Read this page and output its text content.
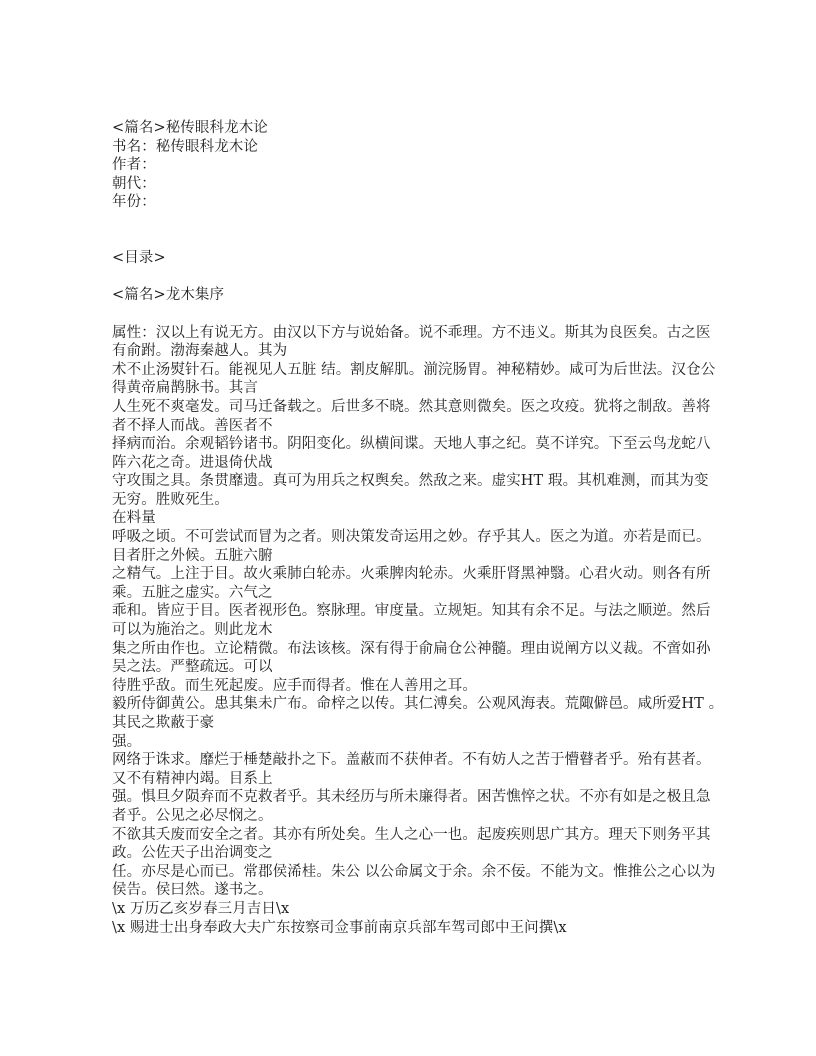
<篇名>秘传眼科龙木论
书名：秘传眼科龙木论
作者：
朝代：
年份：
<目录>
<篇名>龙木集序
属性：汉以上有说无方。由汉以下方与说始备。说不乖理。方不违义。斯其为良医矣。古之医
有俞跗。渤海秦越人。其为
术不止汤熨针石。能视见人五脏 结。割皮解肌。湔浣肠胃。神秘精妙。咸可为后世法。汉仓公
得黄帝扁鹊脉书。其言
人生死不爽毫发。司马迁备载之。后世多不晓。然其意则微矣。医之攻疫。犹将之制敌。善将
者不择人而战。善医者不
择病而治。余观韬钤诸书。阴阳变化。纵横间谍。天地人事之纪。莫不详究。下至云鸟龙蛇八
阵六花之奇。进退倚伏战
守攻围之具。条贯靡遗。真可为用兵之权舆矣。然敌之来。虚实HT 瑕。其机难测，而其为变
无穷。胜败死生。
在料量
呼吸之顷。不可尝试而冒为之者。则决策发奇运用之妙。存乎其人。医之为道。亦若是而已。
目者肝之外候。五脏六腑
之精气。上注于目。故火乘肺白轮赤。火乘脾肉轮赤。火乘肝肾黑神翳。心君火动。则各有所
乘。五脏之虚实。六气之
乖和。皆应于目。医者视形色。察脉理。审度量。立规矩。知其有余不足。与法之顺逆。然后
可以为施治之。则此龙木
集之所由作也。立论精微。布法该核。深有得于俞扁仓公神髓。理由说阐方以义裁。不啻如孙
吴之法。严整疏远。可以
待胜乎敌。而生死起废。应手而得者。惟在人善用之耳。
毅所侍御黄公。患其集未广布。命梓之以传。其仁溥矣。公观风海表。荒陬僻邑。咸所爱HT 。
其民之欺蔽于豪
强。
网络于诛求。靡烂于棰楚敲扑之下。盖蔽而不获伸者。不有妨人之苦于懵瞽者乎。殆有甚者。
又不有精神内竭。目系上
强。惧旦夕陨弃而不克救者乎。其未经历与所未廉得者。困苦憔悴之状。不亦有如是之极且急
者乎。公见之必尽悯之。
不欲其夭废而安全之者。其亦有所处矣。生人之心一也。起废疾则思广其方。理天下则务平其
政。公佐天子出治调变之
任。亦尽是心而已。常郡侯浠桂。朱公 以公命属文于余。余不佞。不能为文。惟推公之心以为
侯告。侯曰然。遂书之。
\x 万历乙亥岁春三月吉日\x
\x 赐进士出身奉政大夫广东按察司佥事前南京兵部车驾司郎中王问撰\x
